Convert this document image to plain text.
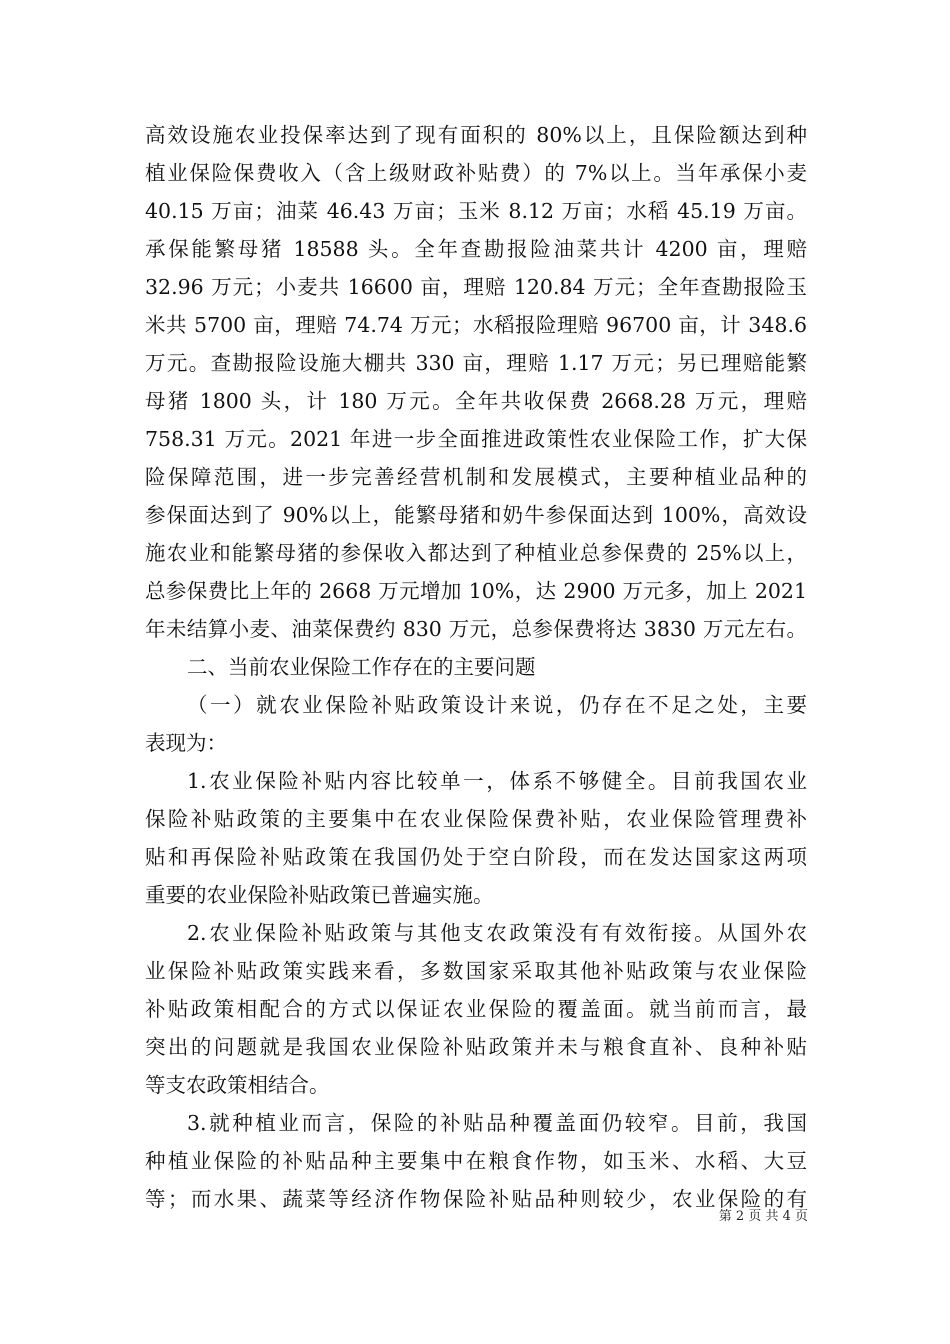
高效设施农业投保率达到了现有面积的 80%以上，且保险额达到种
植业保险保费收入（含上级财政补贴费）的 7%以上。当年承保小麦
40.15 万亩；油菜 46.43 万亩；玉米 8.12 万亩；水稻 45.19 万亩。
承保能繁母猪 18588 头。全年查勘报险油菜共计 4200 亩，理赔
32.96 万元；小麦共 16600 亩，理赔 120.84 万元；全年查勘报险玉
米共 5700 亩，理赔 74.74 万元；水稻报险理赔 96700 亩，计 348.6
万元。查勘报险设施大棚共 330 亩，理赔 1.17 万元；另已理赔能繁
母猪 1800 头，计 180 万元。全年共收保费 2668.28 万元，理赔
758.31 万元。2021 年进一步全面推进政策性农业保险工作，扩大保
险保障范围，进一步完善经营机制和发展模式，主要种植业品种的
参保面达到了 90%以上，能繁母猪和奶牛参保面达到 100%，高效设
施农业和能繁母猪的参保收入都达到了种植业总参保费的 25%以上，
总参保费比上年的 2668 万元增加 10%，达 2900 万元多，加上 2021
年未结算小麦、油菜保费约 830 万元，总参保费将达 3830 万元左右。
二、当前农业保险工作存在的主要问题
（一）就农业保险补贴政策设计来说，仍存在不足之处，主要
表现为：
1.农业保险补贴内容比较单一，体系不够健全。目前我国农业
保险补贴政策的主要集中在农业保险保费补贴，农业保险管理费补
贴和再保险补贴政策在我国仍处于空白阶段，而在发达国家这两项
重要的农业保险补贴政策已普遍实施。
2.农业保险补贴政策与其他支农政策没有有效衔接。从国外农
业保险补贴政策实践来看，多数国家采取其他补贴政策与农业保险
补贴政策相配合的方式以保证农业保险的覆盖面。就当前而言，最
突出的问题就是我国农业保险补贴政策并未与粮食直补、良种补贴
等支农政策相结合。
3.就种植业而言，保险的补贴品种覆盖面仍较窄。目前，我国
种植业保险的补贴品种主要集中在粮食作物，如玉米、水稻、大豆
等；而水果、蔬菜等经济作物保险补贴品种则较少，农业保险的有
第 2 页 共 4 页
